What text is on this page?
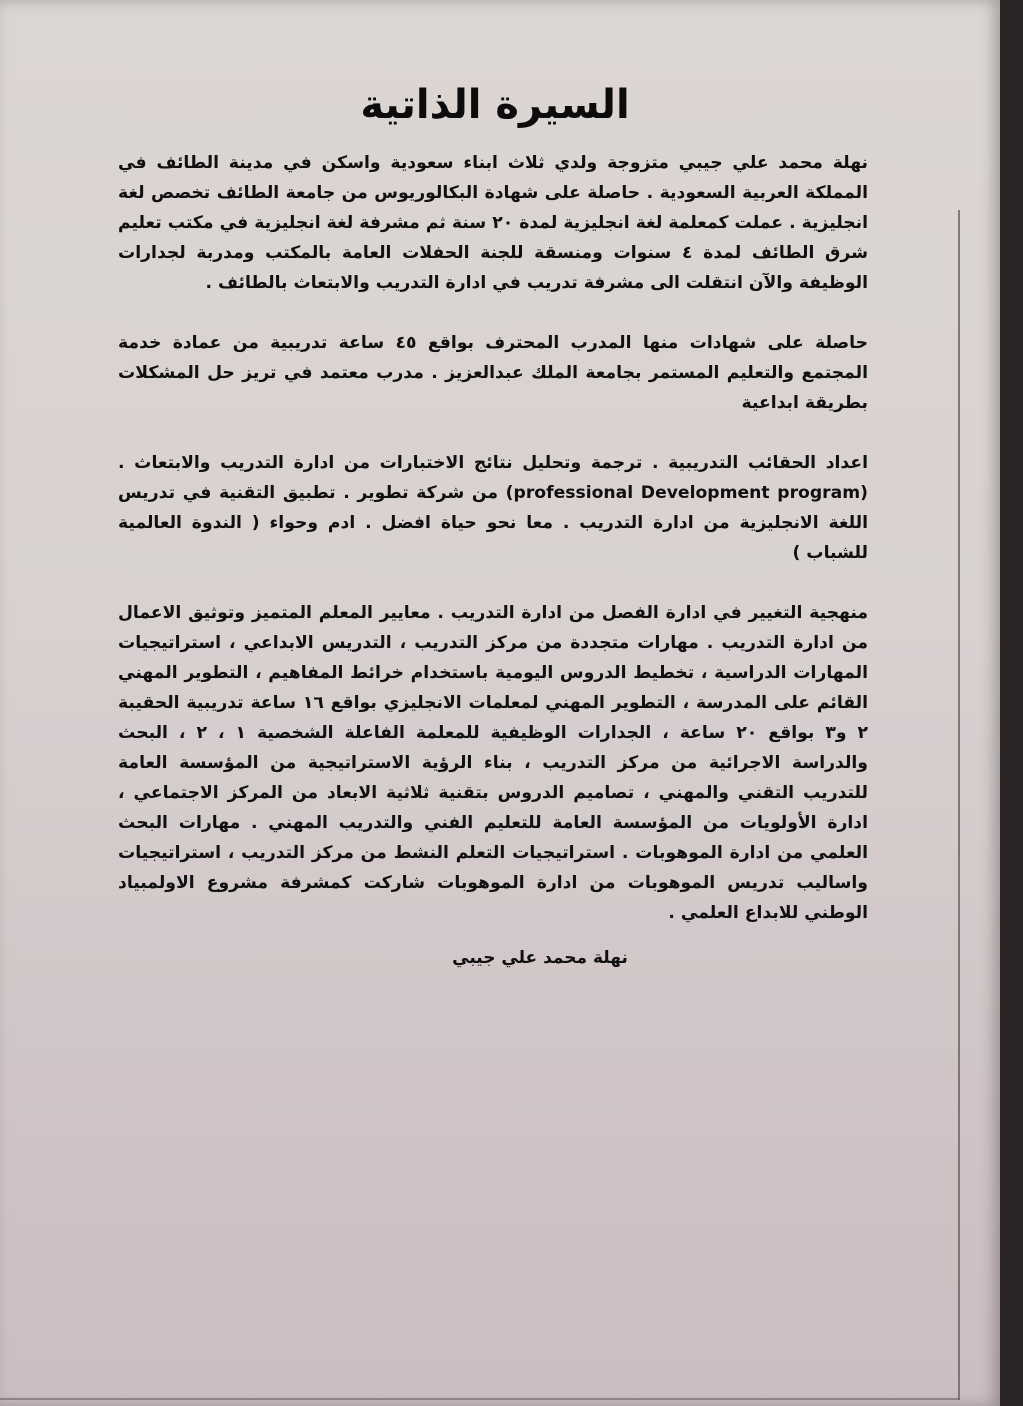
السيرة الذاتية

نهلة محمد علي جيبي متزوجة ولدي ثلاث ابناء سعودية واسكن في مدينة الطائف في المملكة العربية السعودية . حاصلة على شهادة البكالوريوس من جامعة الطائف تخصص لغة انجليزية . عملت كمعلمة لغة انجليزية لمدة ٢٠ سنة ثم مشرفة لغة انجليزية في مكتب تعليم شرق الطائف لمدة ٤ سنوات ومنسقة للجنة الحفلات العامة بالمكتب ومدربة لجدارات الوظيفة والآن انتقلت الى مشرفة تدريب في ادارة التدريب والابتعاث بالطائف .

حاصلة على شهادات منها المدرب المحترف بواقع ٤٥ ساعة تدريبية من عمادة خدمة المجتمع والتعليم المستمر بجامعة الملك عبدالعزيز . مدرب معتمد في تريز حل المشكلات بطريقة ابداعية

اعداد الحقائب التدريبية . ترجمة وتحليل نتائج الاختبارات من ادارة التدريب والابتعاث . (professional Development program) من شركة تطوير . تطبيق التقنية في تدريس اللغة الانجليزية من ادارة التدريب . معا نحو حياة افضل . ادم وحواء ( الندوة العالمية للشباب )

منهجية التغيير في ادارة الفصل من ادارة التدريب . معايير المعلم المتميز وتوثيق الاعمال من ادارة التدريب . مهارات متجددة من مركز التدريب ، التدريس الابداعي ، استراتيجيات المهارات الدراسية ، تخطيط الدروس اليومية باستخدام خرائط المفاهيم ، التطوير المهني القائم على المدرسة ، التطوير المهني لمعلمات الانجليزي بواقع ١٦ ساعة تدريبية الحقيبة ٢ و٣ بواقع ٢٠ ساعة ، الجدارات الوظيفية للمعلمة الفاعلة الشخصية ١ ، ٢ ، البحث والدراسة الاجرائية من مركز التدريب ، بناء الرؤية الاستراتيجية من المؤسسة العامة للتدريب التقني والمهني ، تصاميم الدروس بتقنية ثلاثية الابعاد من المركز الاجتماعي ، ادارة الأولويات من المؤسسة العامة للتعليم الفني والتدريب المهني . مهارات البحث العلمي من ادارة الموهوبات . استراتيجيات التعلم النشط من مركز التدريب ، استراتيجيات واساليب تدريس الموهوبات من ادارة الموهوبات شاركت كمشرفة مشروع الاولمبياد الوطني للابداع العلمي .

نهلة محمد علي جيبي
